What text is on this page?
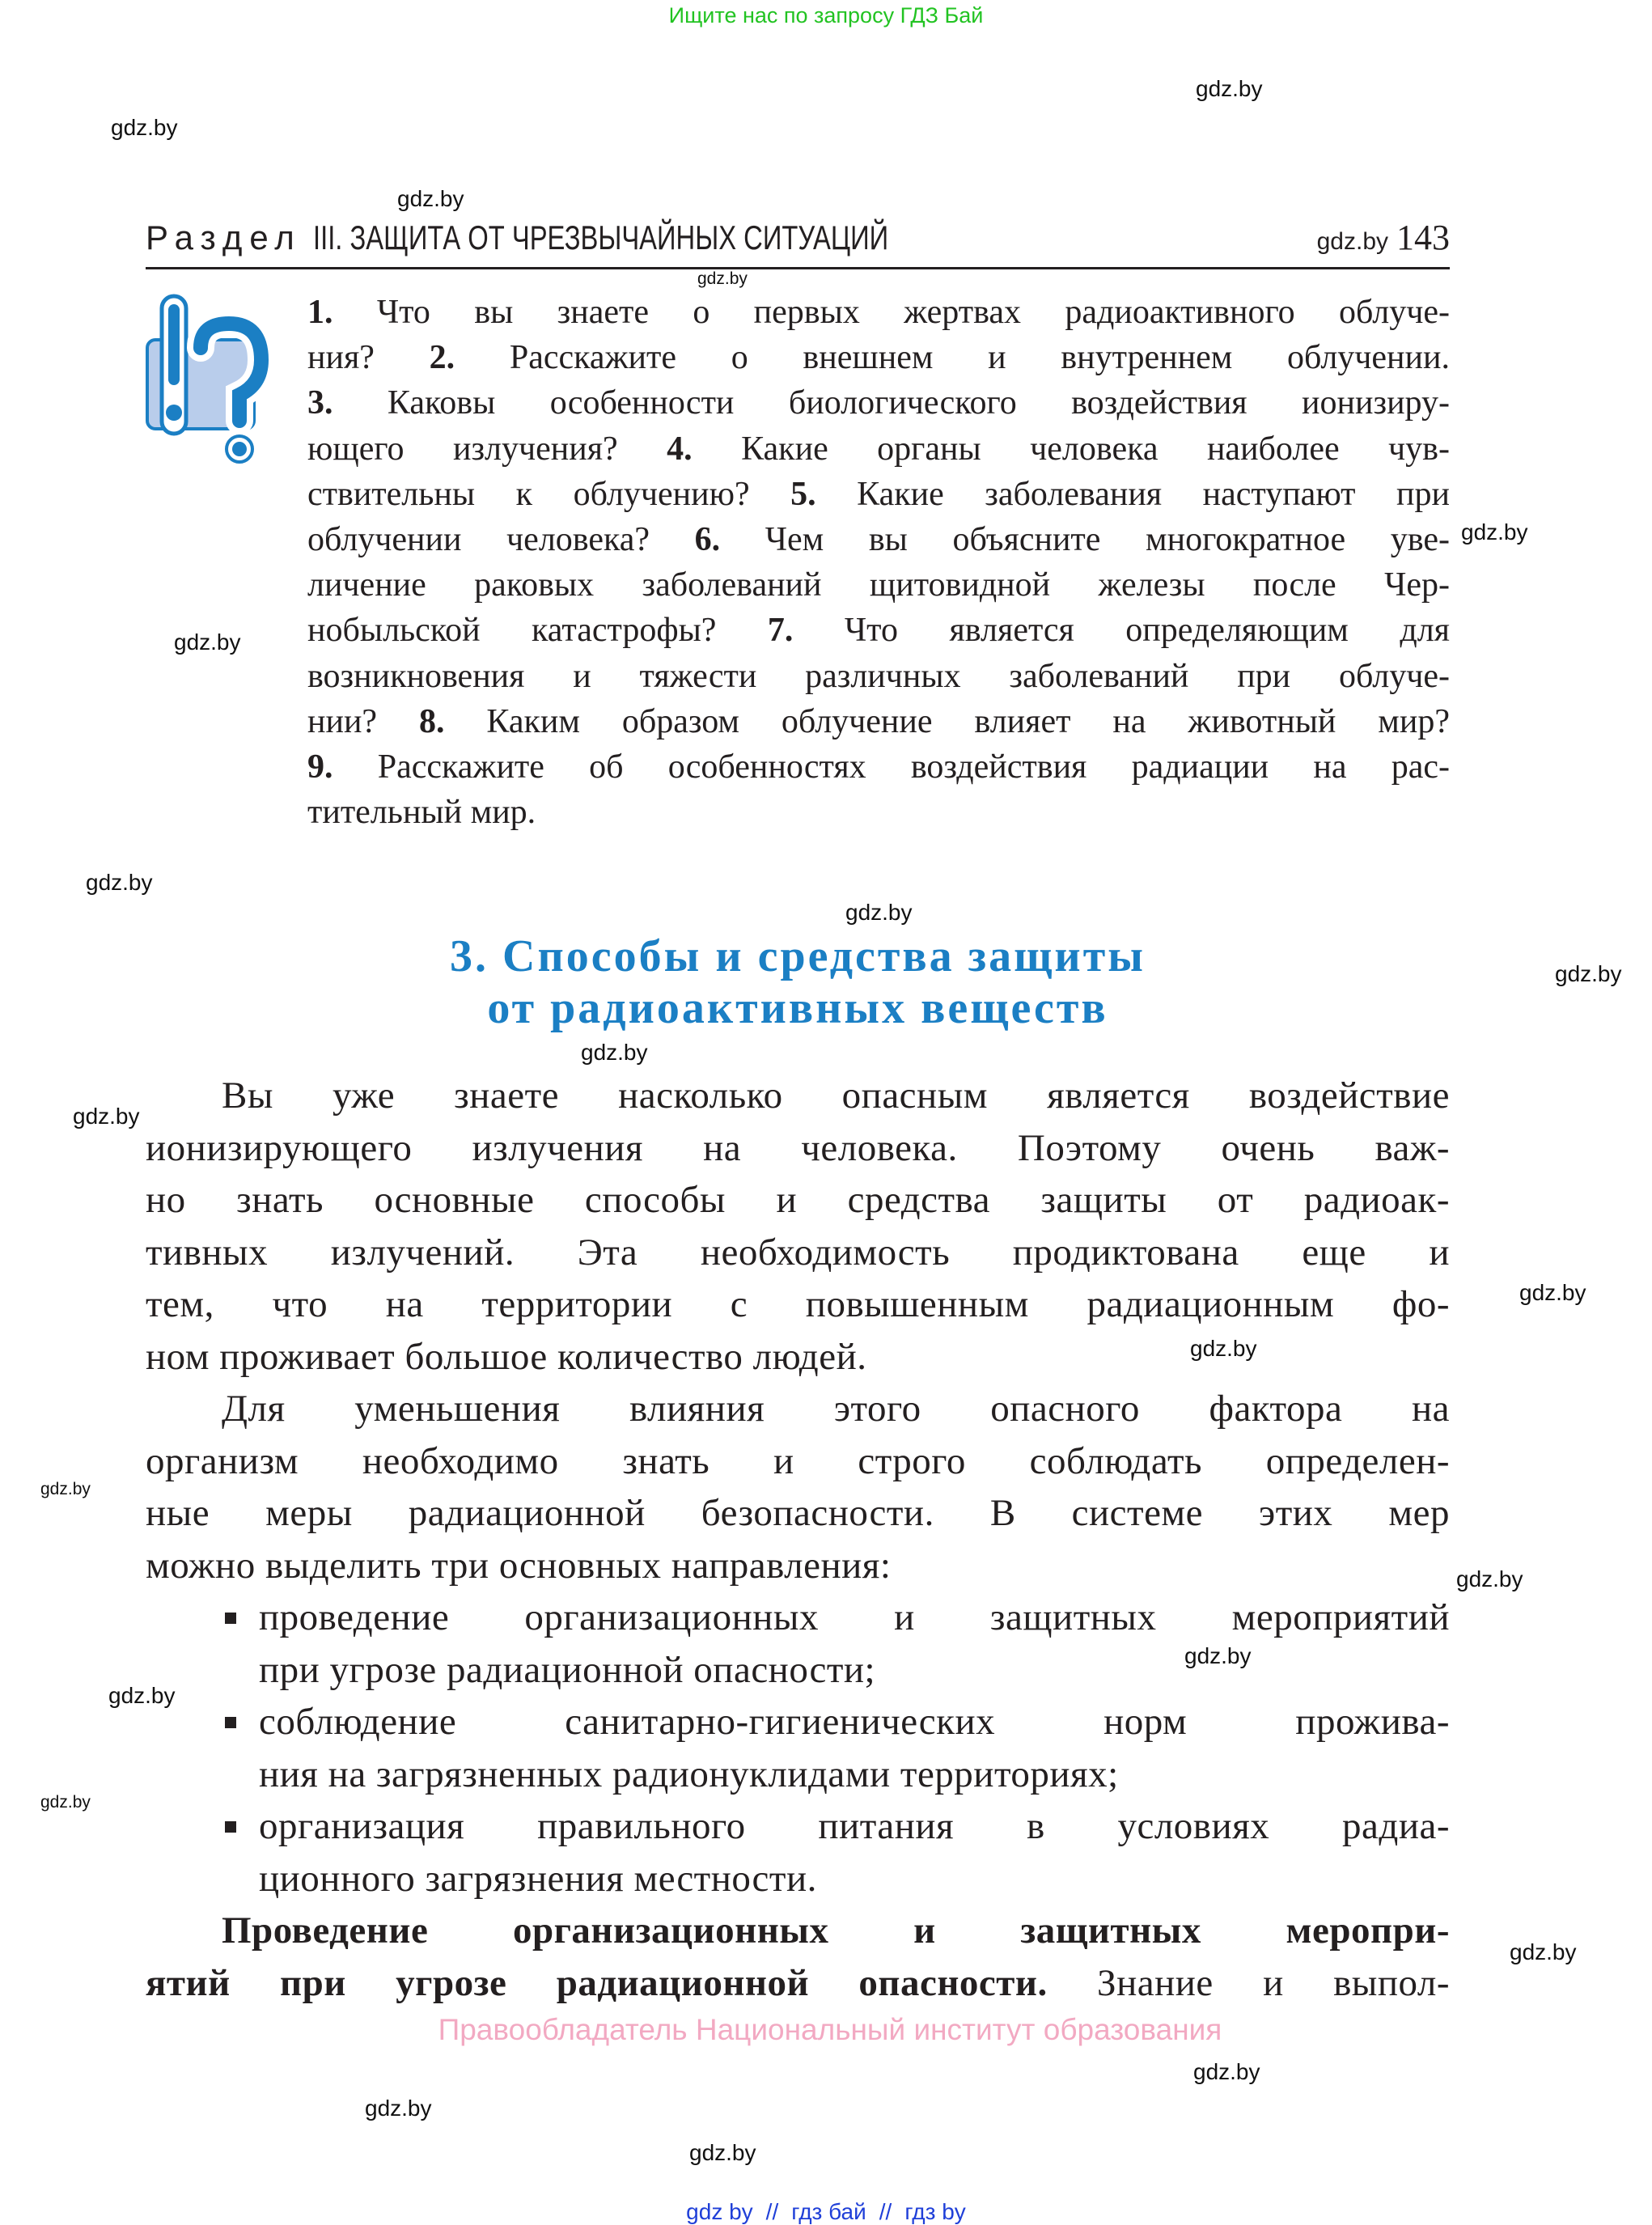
Ищите нас по запросу ГДЗ Бай
gdz.by
gdz.by
gdz.by
gdz.by
gdz.by
gdz.by
gdz.by
gdz.by
gdz.by
gdz.by
gdz.by
gdz.by
gdz.by
gdz.by
gdz.by
gdz.by
gdz.by
gdz.by
gdz.by
gdz.by
gdz.by
gdz.by
Раздел III. ЗАЩИТА ОТ ЧРЕЗВЫЧАЙНЫХ СИТУАЦИЙ	gdz.by 143
1. Что вы знаете о первых жертвах радиоактивного облуче-
ния? 2. Расскажите о внешнем и внутреннем облучении.
3. Каковы особенности биологического воздействия ионизиру-
ющего излучения? 4. Какие органы человека наиболее чув-
ствительны к облучению? 5. Какие заболевания наступают при
облучении человека? 6. Чем вы объясните многократное уве-
личение раковых заболеваний щитовидной железы после Чер-
нобыльской катастрофы? 7. Что является определяющим для
возникновения и тяжести различных заболеваний при облуче-
нии? 8. Каким образом облучение влияет на животный мир?
9. Расскажите об особенностях воздействия радиации на рас-
тительный мир.
3. Способы и средства защиты
от радиоактивных веществ
Вы уже знаете насколько опасным является воздействие
ионизирующего излучения на человека. Поэтому очень важ-
но знать основные способы и средства защиты от радиоак-
тивных излучений. Эта необходимость продиктована еще и
тем, что на территории с повышенным радиационным фо-
ном проживает большое количество людей.
Для уменьшения влияния этого опасного фактора на
организм необходимо знать и строго соблюдать определен-
ные меры радиационной безопасности. В системе этих мер
можно выделить три основных направления:
проведение организационных и защитных мероприятий
при угрозе радиационной опасности;
соблюдение санитарно-гигиенических норм прожива-
ния на загрязненных радионуклидами территориях;
организация правильного питания в условиях радиа-
ционного загрязнения местности.
Проведение организационных и защитных меропри-
ятий при угрозе радиационной опасности. Знание и выпол-
Правообладатель Национальный институт образования
gdz by // гдз бай // гдз by
